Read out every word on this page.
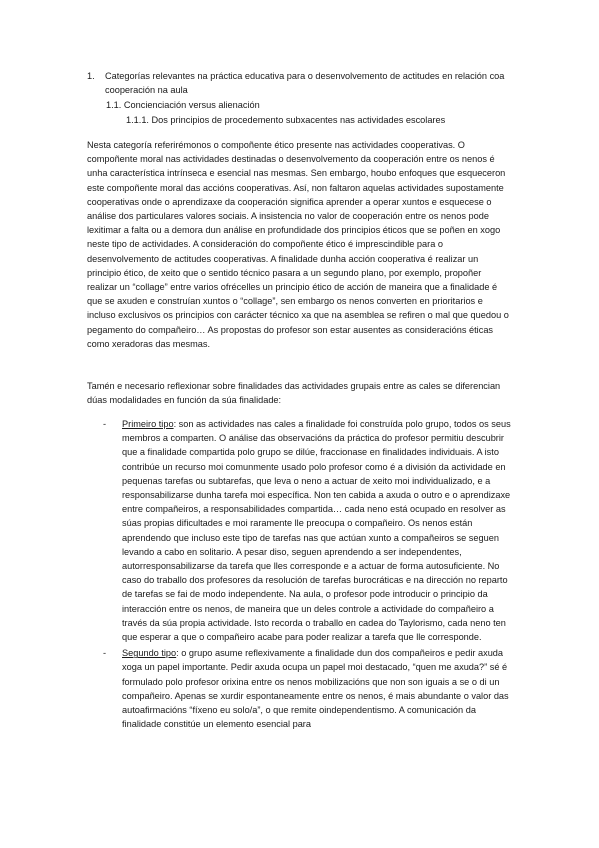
1. Categorías relevantes na práctica educativa para o desenvolvemento de actitudes en relación coa cooperación na aula
1.1. Concienciación versus alienación
1.1.1. Dos principios de procedemento subxacentes nas actividades escolares

Nesta categoría referirémonos o compoñente ético presente nas actividades cooperativas. O compoñente moral nas actividades destinadas o desenvolvemento da cooperación entre os nenos é unha característica intrínseca e esencial nas mesmas. Sen embargo, houbo enfoques que esqueceron este compoñente moral das accións cooperativas. Así, non faltaron aquelas actividades supostamente cooperativas onde o aprendizaxe da cooperación significa aprender a operar xuntos e esquecese o análise dos particulares valores sociais. A insistencia no valor de cooperación entre os nenos pode lexitimar a falta ou a demora dun análise en profundidade dos principios éticos que se poñen en xogo neste tipo de actividades. A consideración do compoñente ético é imprescindible para o desenvolvemento de actitudes cooperativas. A finalidade dunha acción cooperativa é realizar un principio ético, de xeito que o sentido técnico pasara a un segundo plano, por exemplo, propoñer realizar un “collage” entre varios ofrécelles un principio ético de acción de maneira que a finalidade é que se axuden e construían xuntos o “collage”, sen embargo os nenos converten en prioritarios e incluso exclusivos os principios con carácter técnico xa que na asemblea se refiren o mal que quedou o pegamento do compañeiro… As propostas do profesor son estar ausentes as consideracións éticas como xeradoras das mesmas.

Tamén e necesario reflexionar sobre finalidades das actividades grupais entre as cales se diferencian dúas modalidades en función da súa finalidade:

- Primeiro tipo: son as actividades nas cales a finalidade foi construída polo grupo, todos os seus membros a comparten. O análise das observacións da práctica do profesor permitiu descubrir que a finalidade compartida polo grupo se dilúe, fraccionase en finalidades individuais. A isto contribúe un recurso moi comunmente usado polo profesor como é a división da actividade en pequenas tarefas ou subtarefas, que leva o neno a actuar de xeito moi individualizado, e a responsabilizarse dunha tarefa moi específica. Non ten cabida a axuda o outro e o aprendizaxe entre compañeiros, a responsabilidades compartida… cada neno está ocupado en resolver as súas propias dificultades e moi raramente lle preocupa o compañeiro. Os nenos están aprendendo que incluso este tipo de tarefas nas que actúan xunto a compañeiros se seguen levando a cabo en solitario. A pesar diso, seguen aprendendo a ser independentes, autorresponsabilizarse da tarefa que lles corresponde e a actuar de forma autosuficiente. No caso do traballo dos profesores da resolución de tarefas burocráticas e na dirección no reparto de tarefas se fai de modo independente. Na aula, o profesor pode introducir o principio da interacción entre os nenos, de maneira que un deles controle a actividade do compañeiro a través da súa propia actividade. Isto recorda o traballo en cadea do Taylorismo, cada neno ten que esperar a que o compañeiro acabe para poder realizar a tarefa que lle corresponde.
- Segundo tipo: o grupo asume reflexivamente a finalidade dun dos compañeiros e pedir axuda xoga un papel importante. Pedir axuda ocupa un papel moi destacado, “quen me axuda?” sé é formulado polo profesor orixina entre os nenos mobilizacións que non son iguais a se o di un compañeiro. Apenas se xurdir espontaneamente entre os nenos, é mais abundante o valor das autoafirmacións “fíxeno eu solo/a”, o que remite oindependentismo. A comunicación da finalidade constitúe un elemento esencial para
